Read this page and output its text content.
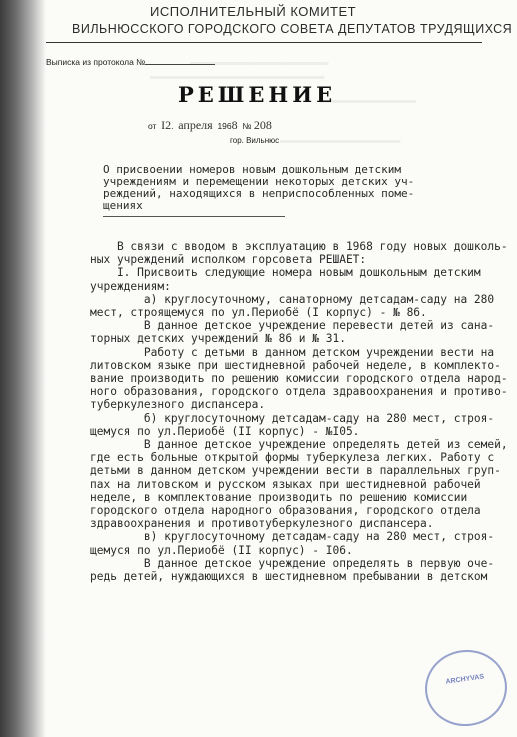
▬▬▬▬▬▬▬▬▬▬▬▬▬▬▬▬▬▬▬▬▬▬▬
▬▬▬▬▬▬▬▬▬▬▬▬▬▬▬▬▬▬▬▬▬▬▬▬▬▬▬▬▬
▬▬▬▬▬▬▬▬▬▬▬▬▬▬▬▬
▬▬▬▬▬▬▬▬▬▬▬▬▬▬▬▬▬▬▬▬
ИСПОЛНИТЕЛЬНЫЙ КОМИТЕТ
ВИЛЬНЮССКОГО ГОРОДСКОГО СОВЕТА ДЕПУТАТОВ ТРУДЯЩИХСЯ
Выписка из протокола №
РЕШЕНИЕ
от I2.  апреля 1968 № 208
гор. Вильнюс
О присвоении номеров новым дошкольным детским
учреждениям и перемещении некоторых детских уч-
реждений, находящихся в неприспособленных поме-
щениях
В связи с вводом в эксплуатацию в 1968 году новых дошколь-
ных учреждений исполком горсовета РЕШАЕТ:
I. Присвоить следующие номера новым дошкольным детским
учреждениям:
а) круглосуточному, санаторному детсадам-саду на 280
мест, строящемуся по ул.Периобё (I корпус) - № 86.
В данное детское учреждение перевести детей из сана-
торных детских учреждений № 86 и № 31.
Работу с детьми в данном детском учреждении вести на
литовском языке при шестидневной рабочей неделе, в комплекто-
вание производить по решению комиссии городского отдела народ-
ного образования, городского отдела здравоохранения и противо-
туберкулезного диспансера.
б) круглосуточному детсадам-саду на 280 мест, строя-
щемуся по ул.Периобё (II корпус) - №I05.
В данное детское учреждение определять детей из семей,
где есть больные открытой формы туберкулеза легких. Работу с
детьми в данном детском учреждении вести в параллельных груп-
пах на литовском и русском языках при шестидневной рабочей
неделе, в комплектование производить по решению комиссии
городского отдела народного образования, городского отдела
здравоохранения и противотуберкулезного диспансера.
в) круглосуточному детсадам-саду на 280 мест, строя-
щемуся по ул.Периобё (II корпус) - I06.
В данное детское учреждение определять в первую оче-
редь детей, нуждающихся в шестидневном пребывании в детском
ARCHYVAS
